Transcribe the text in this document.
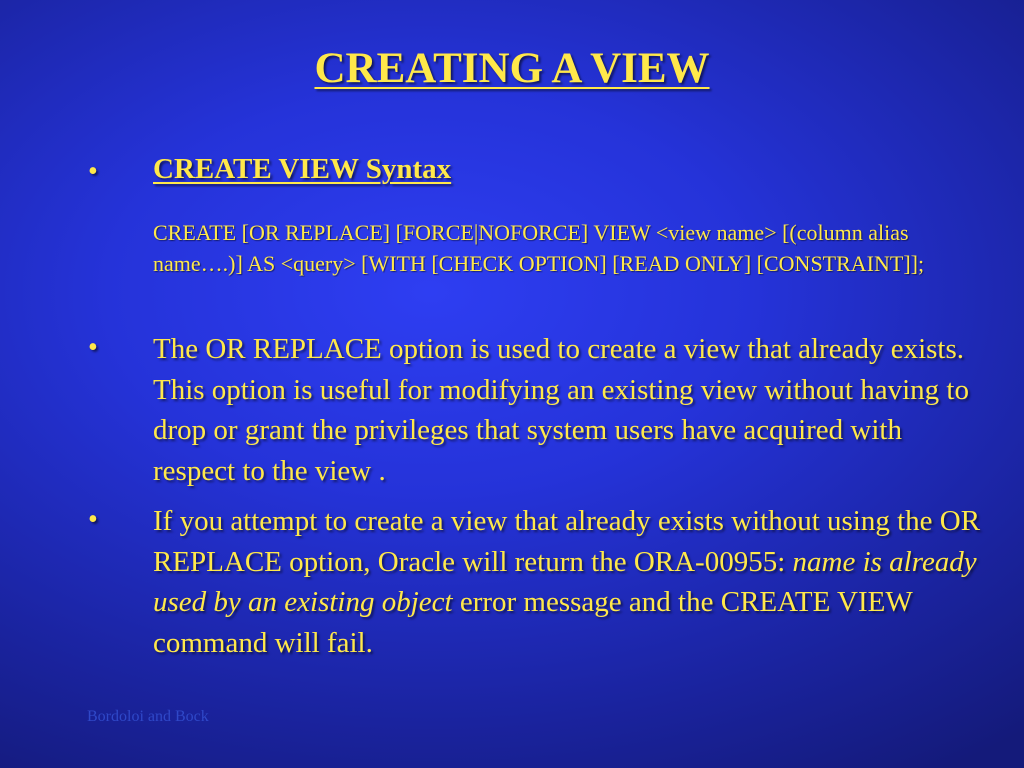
CREATING A VIEW
• CREATE VIEW Syntax
CREATE [OR REPLACE] [FORCE|NOFORCE] VIEW <view name> [(column alias name….)] AS <query> [WITH [CHECK OPTION] [READ ONLY] [CONSTRAINT]];
• The OR REPLACE option is used to create a view that already exists. This option is useful for modifying an existing view without having to drop or grant the privileges that system users have acquired with respect to the view .
• If you attempt to create a view that already exists without using the OR REPLACE option, Oracle will return the ORA-00955: name is already used by an existing object error message and the CREATE VIEW command will fail.
Bordoloi and Bock
